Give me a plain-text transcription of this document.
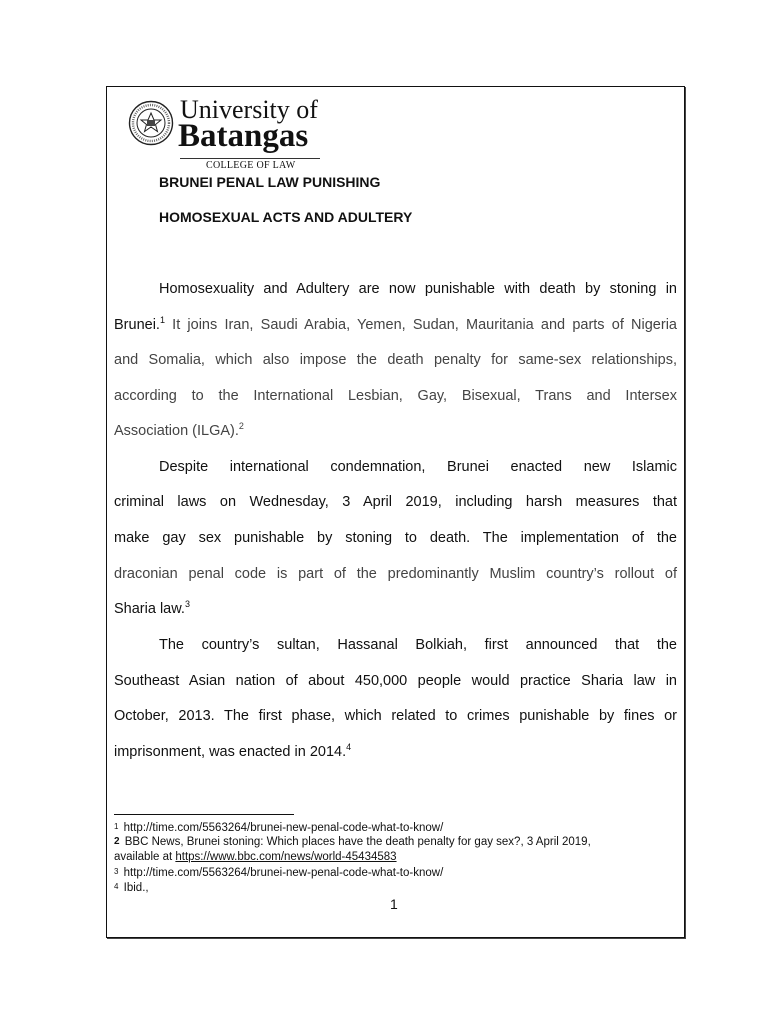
University of
Batangas
COLLEGE OF LAW
BRUNEI PENAL LAW PUNISHING
HOMOSEXUAL ACTS AND ADULTERY
Homosexuality and Adultery are now punishable with death by stoning in
Brunei.$^1$ It joins Iran, Saudi Arabia, Yemen, Sudan, Mauritania and parts of Nigeria
and Somalia, which also impose the death penalty for same-sex relationships,
according to the International Lesbian, Gay, Bisexual, Trans and Intersex
Association (ILGA).$^2$
Despite international condemnation, Brunei enacted new Islamic
criminal laws on Wednesday, 3 April 2019, including harsh measures that
make gay sex punishable by stoning to death. The implementation of the
draconian penal code is part of the predominantly Muslim country’s rollout of
Sharia law.$^3$
The country’s sultan, Hassanal Bolkiah, first announced that the
Southeast Asian nation of about 450,000 people would practice Sharia law in
October, 2013. The first phase, which related to crimes punishable by fines or
imprisonment, was enacted in 2014.$^4$
1 http://time.com/5563264/brunei-new-penal-code-what-to-know/
2 BBC News, Brunei stoning: Which places have the death penalty for gay sex?, 3 April 2019,
available at https://www.bbc.com/news/world-45434583
3 http://time.com/5563264/brunei-new-penal-code-what-to-know/
4 Ibid.,
1
